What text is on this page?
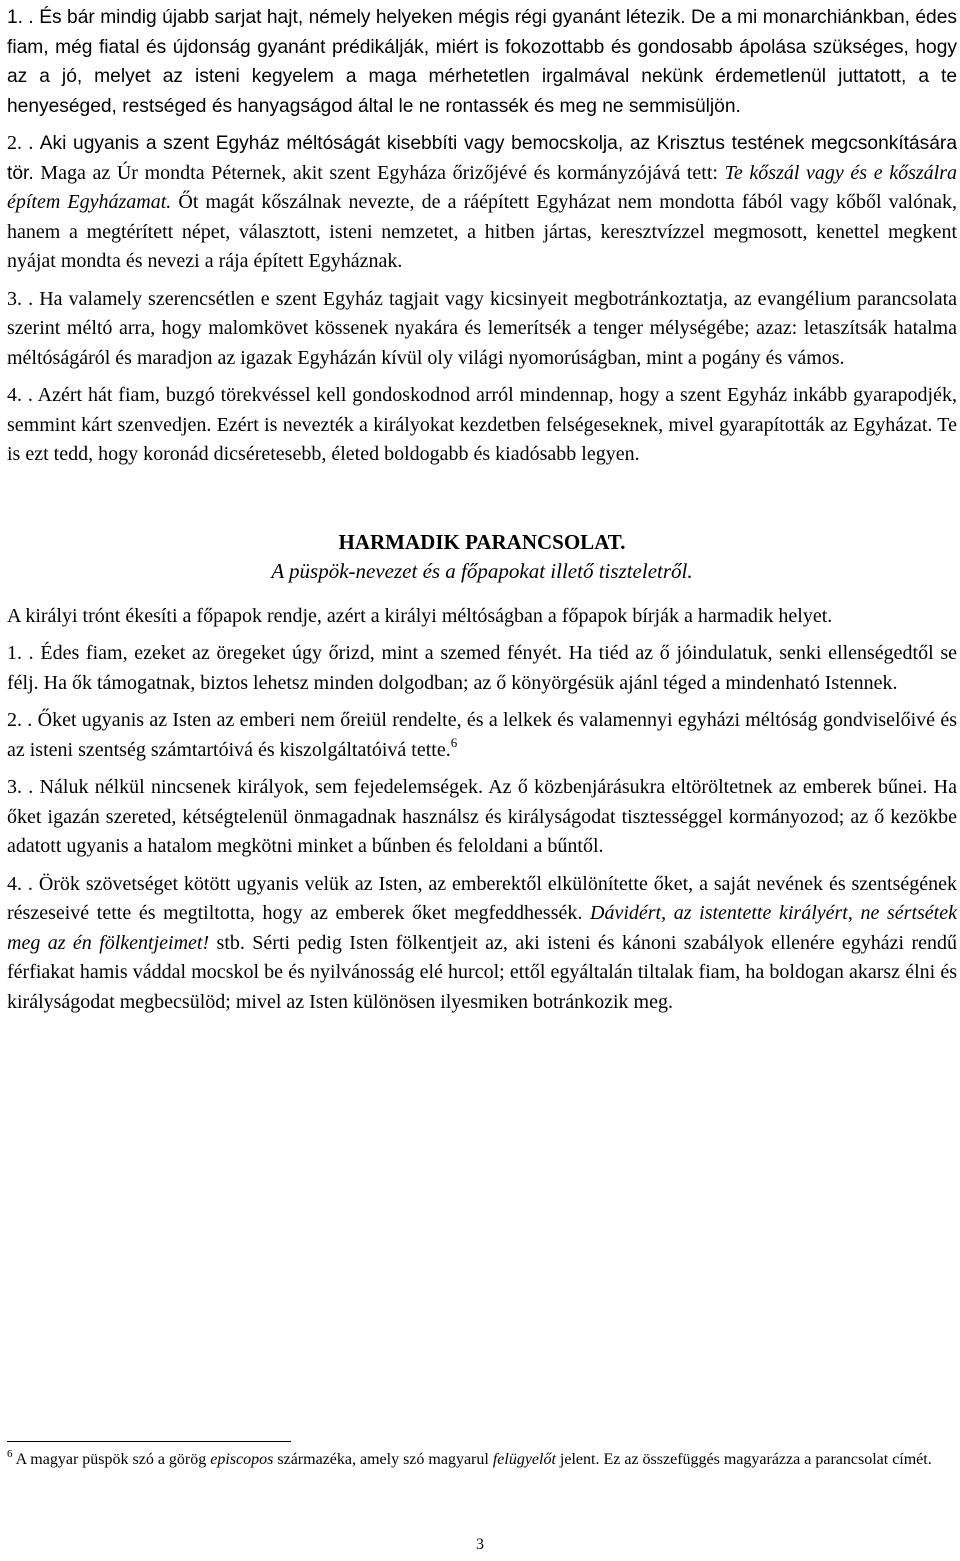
1. . És bár mindig újabb sarjat hajt, némely helyeken mégis régi gyanánt létezik. De a mi monarchiánkban, édes fiam, még fiatal és újdonság gyanánt prédikálják, miért is fokozottabb és gondosabb ápolása szükséges, hogy az a jó, melyet az isteni kegyelem a maga mérhetetlen irgalmával nekünk érdemetlenül juttatott, a te henyeséged, restséged és hanyagságod által le ne rontassék és meg ne semmisüljön.

2. . Aki ugyanis a szent Egyház méltóságát kisebbíti vagy bemocskolja, az Krisztus testének megcsonkítására tör. Maga az Úr mondta Péternek, akit szent Egyháza őrizőjévé és kormányzójává tett: Te kőszál vagy és e kőszálra építem Egyházamat. Őt magát kőszálnak nevezte, de a ráépített Egyházat nem mondotta fából vagy kőből valónak, hanem a megtérített népet, választott, isteni nemzetet, a hitben jártas, keresztvízzel megmosott, kenettel megkent nyájat mondta és nevezi a rája épített Egyháznak.

3. . Ha valamely szerencsétlen e szent Egyház tagjait vagy kicsinyeit megbotránkoztatja, az evangélium parancsolata szerint méltó arra, hogy malomkövet kössenek nyakára és lemerítsék a tenger mélységébe; azaz: letaszítsák hatalma méltóságáról és maradjon az igazak Egyházán kívül oly világi nyomorúságban, mint a pogány és vámos.

4. . Azért hát fiam, buzgó törekvéssel kell gondoskodnod arról mindennap, hogy a szent Egyház inkább gyarapodjék, semmint kárt szenvedjen. Ezért is nevezték a királyokat kezdetben felségeseknek, mivel gyarapították az Egyházat. Te is ezt tedd, hogy koronád dicséretesebb, életed boldogabb és kiadósabb legyen.

HARMADIK PARANCSOLAT.
A püspök-nevezet és a főpapokat illető tiszteletről.

A királyi trónt ékesíti a főpapok rendje, azért a királyi méltóságban a főpapok bírják a harmadik helyet.

1. . Édes fiam, ezeket az öregeket úgy őrizd, mint a szemed fényét. Ha tiéd az ő jóindulatuk, senki ellenségedtől se félj. Ha ők támogatnak, biztos lehetsz minden dolgodban; az ő könyörgésük ajánl téged a mindenható Istennek.

2. . Őket ugyanis az Isten az emberi nem őreiül rendelte, és a lelkek és valamennyi egyházi méltóság gondviselőivé és az isteni szentség számtartóivá és kiszolgáltatóivá tette.$^6$

3. . Náluk nélkül nincsenek királyok, sem fejedelemségek. Az ő közbenjárásukra eltöröltetnek az emberek bűnei. Ha őket igazán szereted, kétségtelenül önmagadnak használsz és királyságodat tisztességgel kormányozod; az ő kezökbe adatott ugyanis a hatalom megkötni minket a bűnben és feloldani a bűntől.

4. . Örök szövetséget kötött ugyanis velük az Isten, az emberektől elkülönítette őket, a saját nevének és szentségének részeseivé tette és megtiltotta, hogy az emberek őket megfeddhessék. Dávidért, az istentette királyért, ne sértsétek meg az én fölkentjeimet! stb. Sérti pedig Isten fölkentjeit az, aki isteni és kánoni szabályok ellenére egyházi rendű férfiakat hamis váddal mocskol be és nyilvánosság elé hurcol; ettől egyáltalán tiltalak fiam, ha boldogan akarsz élni és királyságodat megbecsülöd; mivel az Isten különösen ilyesmiken botránkozik meg.

$^6$ A magyar püspök szó a görög episcopos származéka, amely szó magyarul felügyelőt jelent. Ez az összefüggés magyarázza a parancsolat címét.
3
